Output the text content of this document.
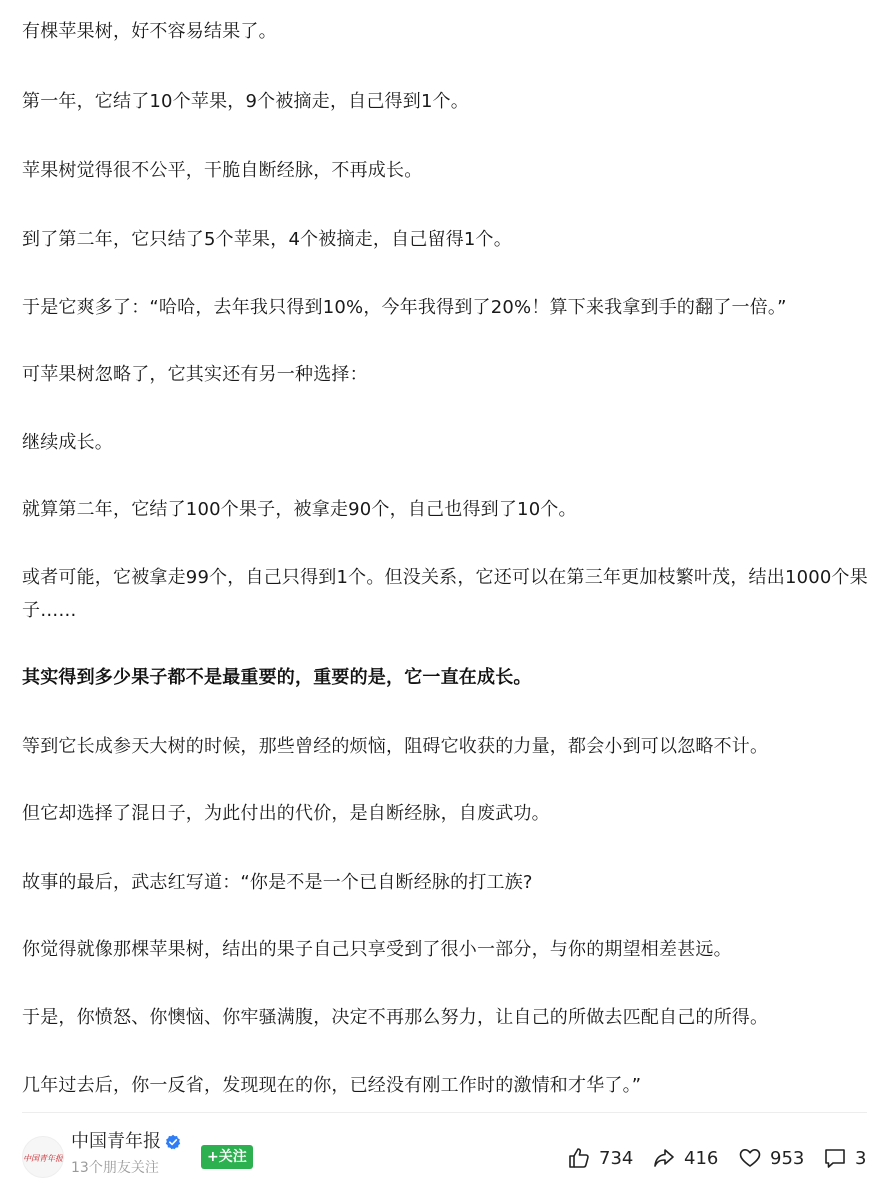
有棵苹果树，好不容易结果了。
第一年，它结了10个苹果，9个被摘走，自己得到1个。
苹果树觉得很不公平，干脆自断经脉，不再成长。
到了第二年，它只结了5个苹果，4个被摘走，自己留得1个。
于是它爽多了：“哈哈，去年我只得到10%，今年我得到了20%！算下来我拿到手的翻了一倍。”
可苹果树忽略了，它其实还有另一种选择：
继续成长。
就算第二年，它结了100个果子，被拿走90个，自己也得到了10个。
或者可能，它被拿走99个，自己只得到1个。但没关系，它还可以在第三年更加枝繁叶茂，结出1000个果子……
其实得到多少果子都不是最重要的，重要的是，它一直在成长。
等到它长成参天大树的时候，那些曾经的烦恼，阻碍它收获的力量，都会小到可以忽略不计。
但它却选择了混日子，为此付出的代价，是自断经脉，自废武功。
故事的最后，武志红写道：“你是不是一个已自断经脉的打工族?
你觉得就像那棵苹果树，结出的果子自己只享受到了很小一部分，与你的期望相差甚远。
于是，你愤怒、你懊恼、你牢骚满腹，决定不再那么努力，让自己的所做去匹配自己的所得。
几年过去后，你一反省，发现现在的你，已经没有刚工作时的激情和才华了。”
中国青年报
中国青年报
13个朋友关注
+关注	734	416	953	3
